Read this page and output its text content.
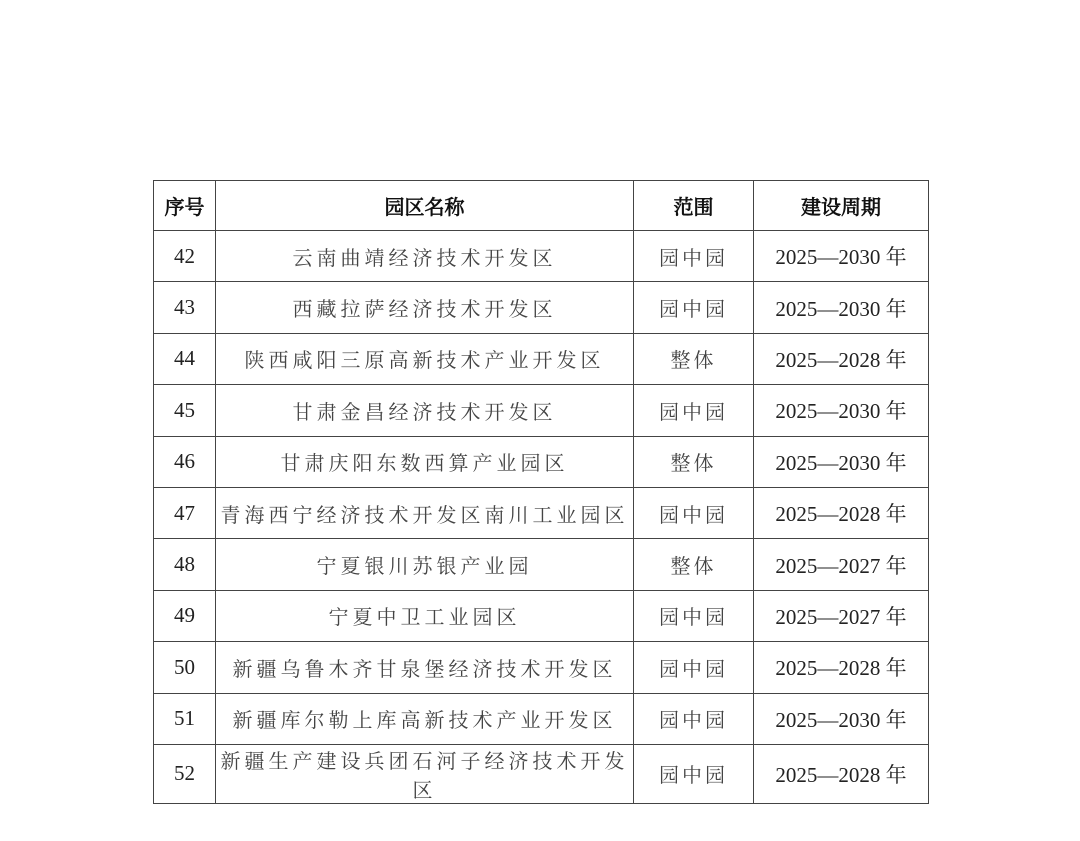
序号	园区名称	范围	建设周期
42	云南曲靖经济技术开发区	园中园	2025—2030 年
43	西藏拉萨经济技术开发区	园中园	2025—2030 年
44	陕西咸阳三原高新技术产业开发区	整体	2025—2028 年
45	甘肃金昌经济技术开发区	园中园	2025—2030 年
46	甘肃庆阳东数西算产业园区	整体	2025—2030 年
47	青海西宁经济技术开发区南川工业园区	园中园	2025—2028 年
48	宁夏银川苏银产业园	整体	2025—2027 年
49	宁夏中卫工业园区	园中园	2025—2027 年
50	新疆乌鲁木齐甘泉堡经济技术开发区	园中园	2025—2028 年
51	新疆库尔勒上库高新技术产业开发区	园中园	2025—2030 年
52	新疆生产建设兵团石河子经济技术开发区	园中园	2025—2028 年
